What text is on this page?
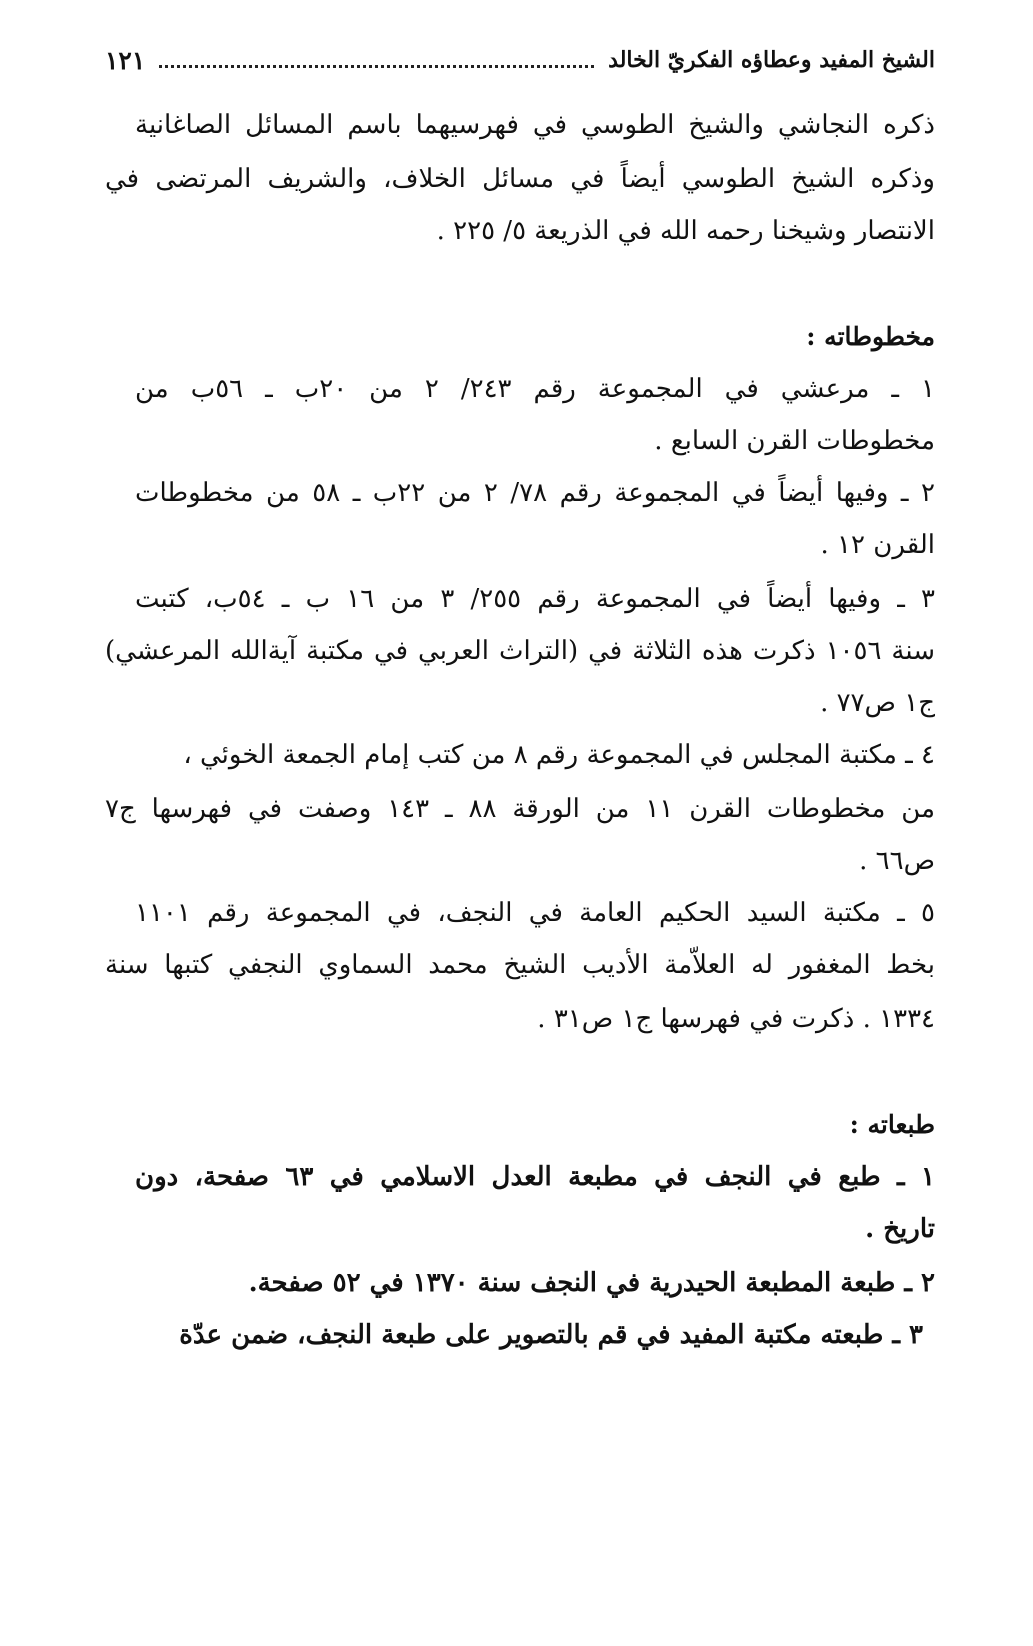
الشيخ المفيد وعطاؤه الفكريّ الخالد
١٢١
ذكره النجاشي والشيخ الطوسي في فهرسيهما باسم المسائل الصاغانية
وذكره الشيخ الطوسي أيضاً في مسائل الخلاف، والشريف المرتضى في
الانتصار وشيخنا رحمه الله في الذريعة ٥/ ٢٢٥ .
مخطوطاته :
١ ـ مرعشي في المجموعة رقم ٢٤٣/ ٢ من ٢٠ب ـ ٥٦ب من
مخطوطات القرن السابع .
٢ ـ وفيها أيضاً في المجموعة رقم ٧٨/ ٢ من ٢٢ب ـ ٥٨ من مخطوطات
القرن ١٢ .
٣ ـ وفيها أيضاً في المجموعة رقم ٢٥٥/ ٣ من ١٦ ب ـ ٥٤ب، كتبت
سنة ١٠٥٦ ذكرت هذه الثلاثة في (التراث العربي في مكتبة آيةالله المرعشي)
ج١ ص٧٧ .
٤ ـ مكتبة المجلس في المجموعة رقم ٨ من كتب إمام الجمعة الخوئي ،
من مخطوطات القرن ١١ من الورقة ٨٨ ـ ١٤٣ وصفت في فهرسها ج٧
ص٦٦ .
٥ ـ مكتبة السيد الحكيم العامة في النجف، في المجموعة رقم ١١٠١
بخط المغفور له العلاّمة الأديب الشيخ محمد السماوي النجفي كتبها سنة
١٣٣٤ . ذكرت في فهرسها ج١ ص٣١ .
طبعاته :
١ ـ طبع في النجف في مطبعة العدل الاسلامي في ٦٣ صفحة، دون
تاريخ .
٢ ـ طبعة المطبعة الحيدرية في النجف سنة ١٣٧٠ في ٥٢ صفحة.
٣ ـ طبعته مكتبة المفيد في قم بالتصوير على طبعة النجف، ضمن عدّة
